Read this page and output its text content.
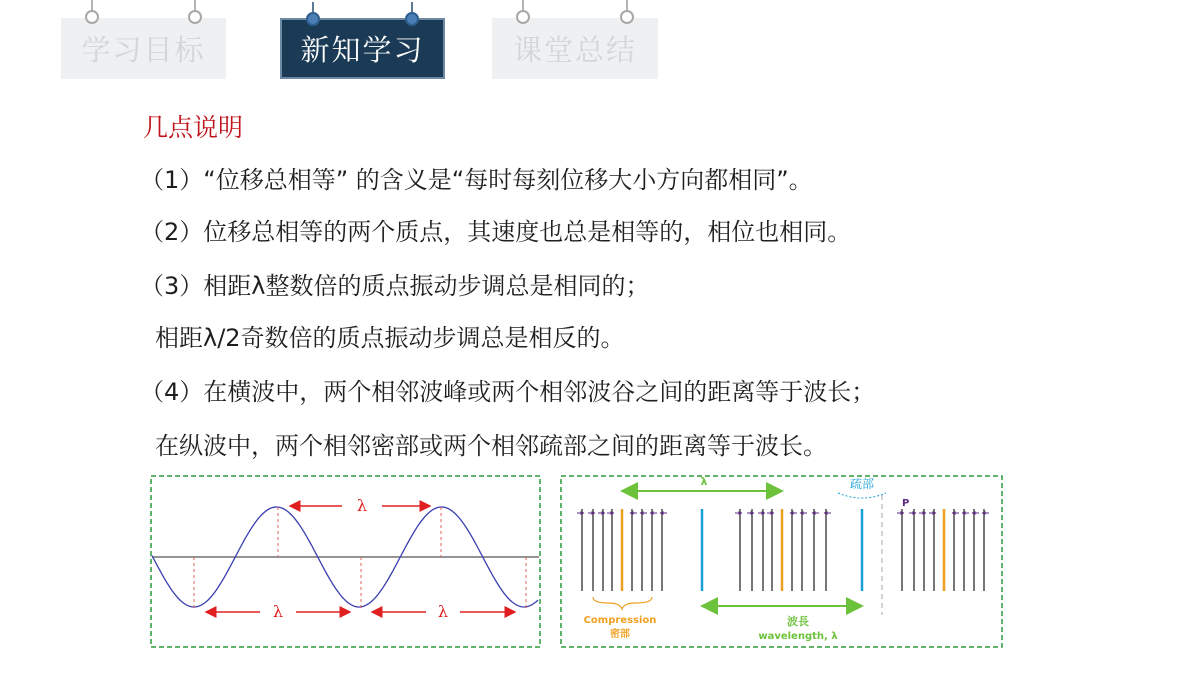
学习目标	新知学习	课堂总结
几点说明
（1）“位移总相等” 的含义是“每时每刻位移大小方向都相同”。
（2）位移总相等的两个质点，其速度也总是相等的，相位也相同。
（3）相距λ整数倍的质点振动步调总是相同的；
相距λ/2奇数倍的质点振动步调总是相反的。
（4）在横波中，两个相邻波峰或两个相邻波谷之间的距离等于波长；
在纵波中，两个相邻密部或两个相邻疏部之间的距离等于波长。
λ
λ	λ
λ	疏部
P
Compression
密部
波長
wavelength, λ
